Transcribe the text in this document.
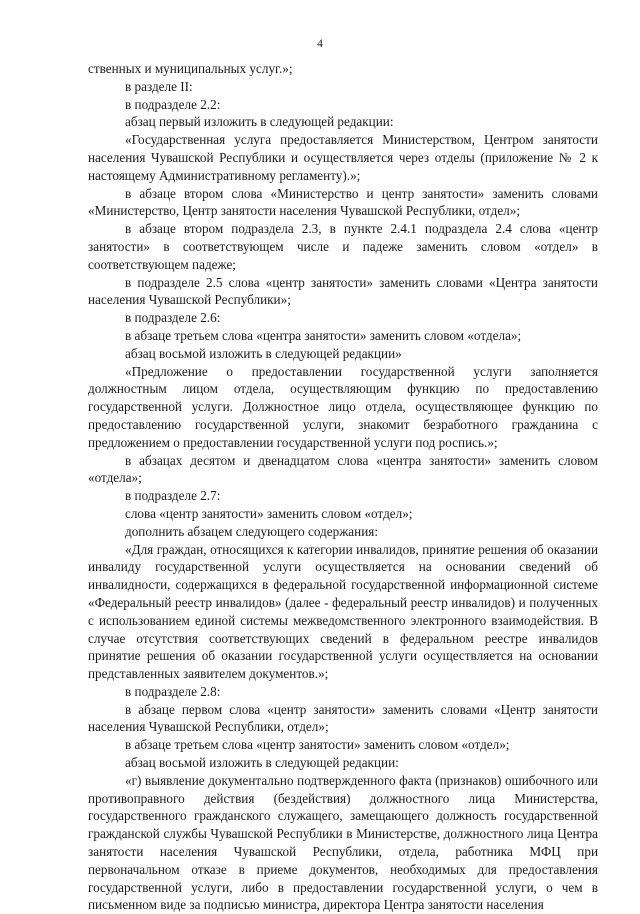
4

ственных и муниципальных услуг.»;

в разделе II:

в подразделе 2.2:

абзац первый изложить в следующей редакции:

«Государственная услуга предоставляется Министерством, Центром занятости населения Чувашской Республики и осуществляется через отделы (приложение № 2 к настоящему Административному регламенту).»;

в абзаце втором слова «Министерство и центр занятости» заменить словами «Министерство, Центр занятости населения Чувашской Республики, отдел»;

в абзаце втором подраздела 2.3, в пункте 2.4.1 подраздела 2.4 слова «центр занятости» в соответствующем числе и падеже заменить словом «отдел» в соответствующем падеже;

в подразделе 2.5 слова «центр занятости» заменить словами «Центра занятости населения Чувашской Республики»;

в подразделе 2.6:

в абзаце третьем слова «центра занятости» заменить словом «отдела»;

абзац восьмой изложить в следующей редакции»

«Предложение о предоставлении государственной услуги заполняется должностным лицом отдела, осуществляющим функцию по предоставлению государственной услуги. Должностное лицо отдела, осуществляющее функцию по предоставлению государственной услуги, знакомит безработного гражданина с предложением о предоставлении государственной услуги под роспись.»;

в абзацах десятом и двенадцатом слова «центра занятости» заменить словом «отдела»;

в подразделе 2.7:

слова «центр занятости» заменить словом «отдел»;

дополнить абзацем следующего содержания:

«Для граждан, относящихся к категории инвалидов, принятие решения об оказании инвалиду государственной услуги осуществляется на основании сведений об инвалидности, содержащихся в федеральной государственной информационной системе «Федеральный реестр инвалидов» (далее - федеральный реестр инвалидов) и полученных с использованием единой системы межведомственного электронного взаимодействия. В случае отсутствия соответствующих сведений в федеральном реестре инвалидов принятие решения об оказании государственной услуги осуществляется на основании представленных заявителем документов.»;

в подразделе 2.8:

в абзаце первом слова «центр занятости» заменить словами «Центр занятости населения Чувашской Республики, отдел»;

в абзаце третьем слова «центр занятости» заменить словом «отдел»;

абзац восьмой изложить в следующей редакции:

«г) выявление документально подтвержденного факта (признаков) ошибочного или противоправного действия (бездействия) должностного лица Министерства, государственного гражданского служащего, замещающего должность государственной гражданской службы Чувашской Республики в Министерстве, должностного лица Центра занятости населения Чувашской Республики, отдела, работника МФЦ при первоначальном отказе в приеме документов, необходимых для предоставления государственной услуги, либо в предоставлении государственной услуги, о чем в письменном виде за подписью министра, директора Центра занятости населения
